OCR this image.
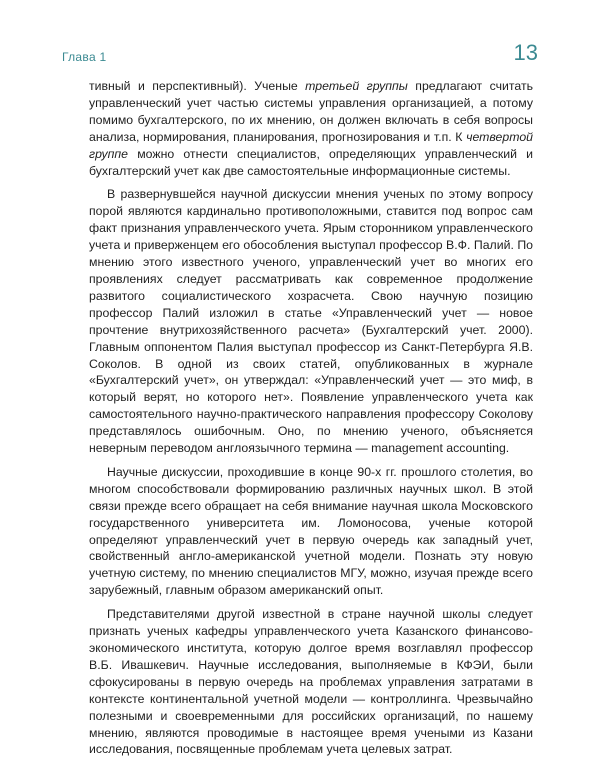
Глава 1	13

тивный и перспективный). Ученые третьей группы предлагают считать управленческий учет частью системы управления организацией, а потому помимо бухгалтерского, по их мнению, он должен включать в себя вопросы анализа, нормирования, планирования, прогнозирования и т.п. К четвертой группе можно отнести специалистов, определяющих управленческий и бухгалтерский учет как две самостоятельные информационные системы.

В развернувшейся научной дискуссии мнения ученых по этому вопросу порой являются кардинально противоположными, ставится под вопрос сам факт признания управленческого учета. Ярым сторонником управленческого учета и приверженцем его обособления выступал профессор В.Ф. Палий. По мнению этого известного ученого, управленческий учет во многих его проявлениях следует рассматривать как современное продолжение развитого социалистического хозрасчета. Свою научную позицию профессор Палий изложил в статье «Управленческий учет — новое прочтение внутрихозяйственного расчета» (Бухгалтерский учет. 2000). Главным оппонентом Палия выступал профессор из Санкт-Петербурга Я.В. Соколов. В одной из своих статей, опубликованных в журнале «Бухгалтерский учет», он утверждал: «Управленческий учет — это миф, в который верят, но которого нет». Появление управленческого учета как самостоятельного научно-практического направления профессору Соколову представлялось ошибочным. Оно, по мнению ученого, объясняется неверным переводом англоязычного термина — management accounting.

Научные дискуссии, проходившие в конце 90-х гг. прошлого столетия, во многом способствовали формированию различных научных школ. В этой связи прежде всего обращает на себя внимание научная школа Московского государственного университета им. Ломоносова, ученые которой определяют управленческий учет в первую очередь как западный учет, свойственный англо-американской учетной модели. Познать эту новую учетную систему, по мнению специалистов МГУ, можно, изучая прежде всего зарубежный, главным образом американский опыт.

Представителями другой известной в стране научной школы следует признать ученых кафедры управленческого учета Казанского финансово-экономического института, которую долгое время возглавлял профессор В.Б. Ивашкевич. Научные исследования, выполняемые в КФЭИ, были сфокусированы в первую очередь на проблемах управления затратами в контексте континентальной учетной модели — контроллинга. Чрезвычайно полезными и своевременными для российских организаций, по нашему мнению, являются проводимые в настоящее время учеными из Казани исследования, посвященные проблемам учета целевых затрат.
